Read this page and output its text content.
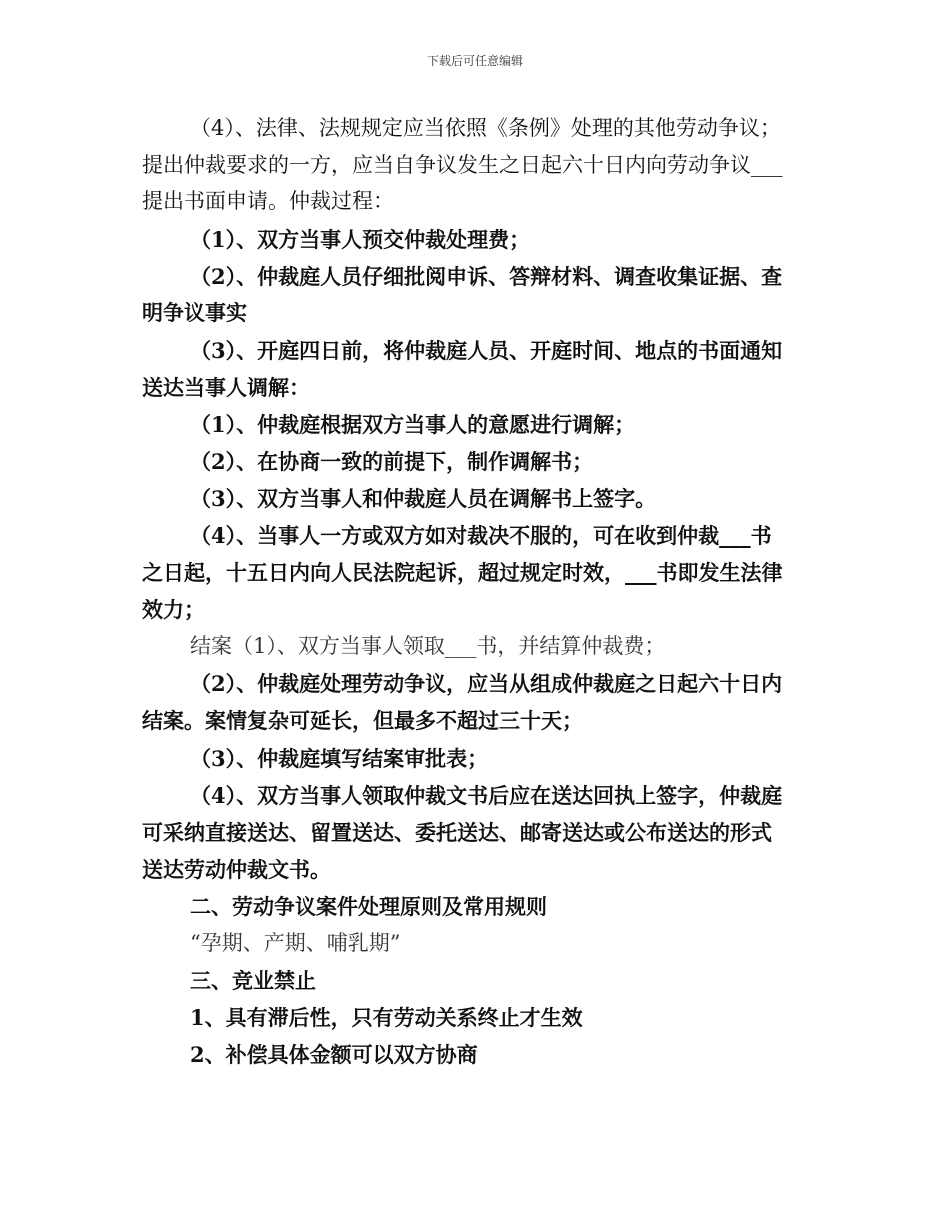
下载后可任意编辑
（4）、法律、法规规定应当依照《条例》处理的其他劳动争议；
提出仲裁要求的一方，应当自争议发生之日起六十日内向劳动争议___
提出书面申请。仲裁过程：
（1）、双方当事人预交仲裁处理费；
（2）、仲裁庭人员仔细批阅申诉、答辩材料、调查收集证据、查
明争议事实
（3）、开庭四日前，将仲裁庭人员、开庭时间、地点的书面通知
送达当事人调解：
（1）、仲裁庭根据双方当事人的意愿进行调解；
（2）、在协商一致的前提下，制作调解书；
（3）、双方当事人和仲裁庭人员在调解书上签字。
（4）、当事人一方或双方如对裁决不服的，可在收到仲裁___书
之日起，十五日内向人民法院起诉，超过规定时效，___书即发生法律
效力；
结案（1）、双方当事人领取___书，并结算仲裁费；
（2）、仲裁庭处理劳动争议，应当从组成仲裁庭之日起六十日内
结案。案情复杂可延长，但最多不超过三十天；
（3）、仲裁庭填写结案审批表；
（4）、双方当事人领取仲裁文书后应在送达回执上签字，仲裁庭
可采纳直接送达、留置送达、委托送达、邮寄送达或公布送达的形式
送达劳动仲裁文书。
二、劳动争议案件处理原则及常用规则
“孕期、产期、哺乳期”
三、竞业禁止
1、具有滞后性，只有劳动关系终止才生效
2、补偿具体金额可以双方协商
